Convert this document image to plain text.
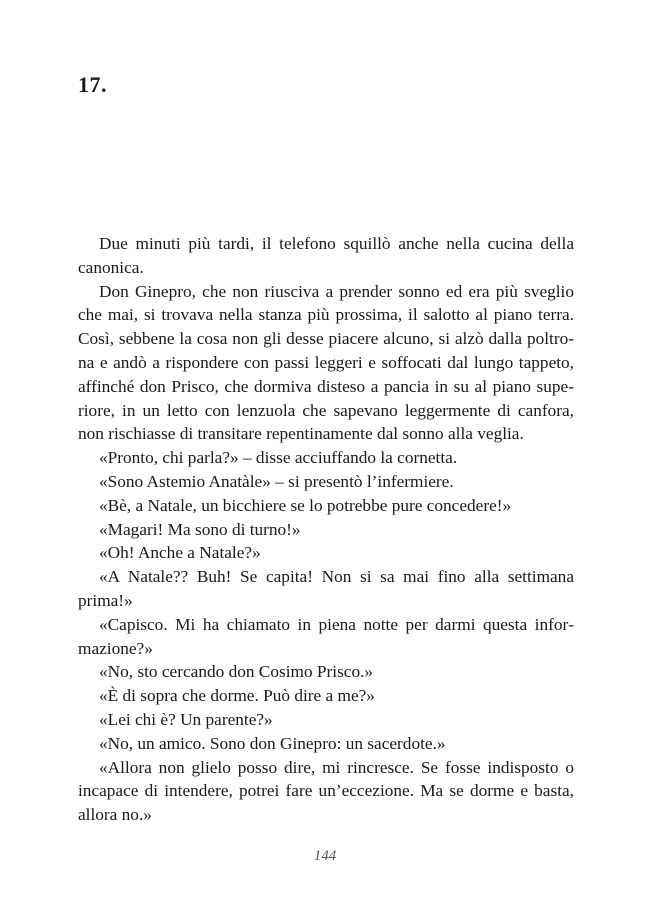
17.

Due minuti più tardi, il telefono squillò anche nella cucina della canonica.

Don Ginepro, che non riusciva a prender sonno ed era più sveglio che mai, si trovava nella stanza più prossima, il salotto al piano terra. Così, sebbene la cosa non gli desse piacere alcuno, si alzò dalla poltrona e andò a rispondere con passi leggeri e soffocati dal lungo tappeto, affinché don Prisco, che dormiva disteso a pancia in su al piano superiore, in un letto con lenzuola che sapevano leggermente di canfora, non rischiasse di transitare repentinamente dal sonno alla veglia.

«Pronto, chi parla?» – disse acciuffando la cornetta.

«Sono Astemio Anatàle» – si presentò l’infermiere.

«Bè, a Natale, un bicchiere se lo potrebbe pure concedere!»

«Magari! Ma sono di turno!»

«Oh! Anche a Natale?»

«A Natale?? Buh! Se capita! Non si sa mai fino alla settimana prima!»

«Capisco. Mi ha chiamato in piena notte per darmi questa informazione?»

«No, sto cercando don Cosimo Prisco.»

«È di sopra che dorme. Può dire a me?»

«Lei chi è? Un parente?»

«No, un amico. Sono don Ginepro: un sacerdote.»

«Allora non glielo posso dire, mi rincresce. Se fosse indisposto o incapace di intendere, potrei fare un’eccezione. Ma se dorme e basta, allora no.»

144
